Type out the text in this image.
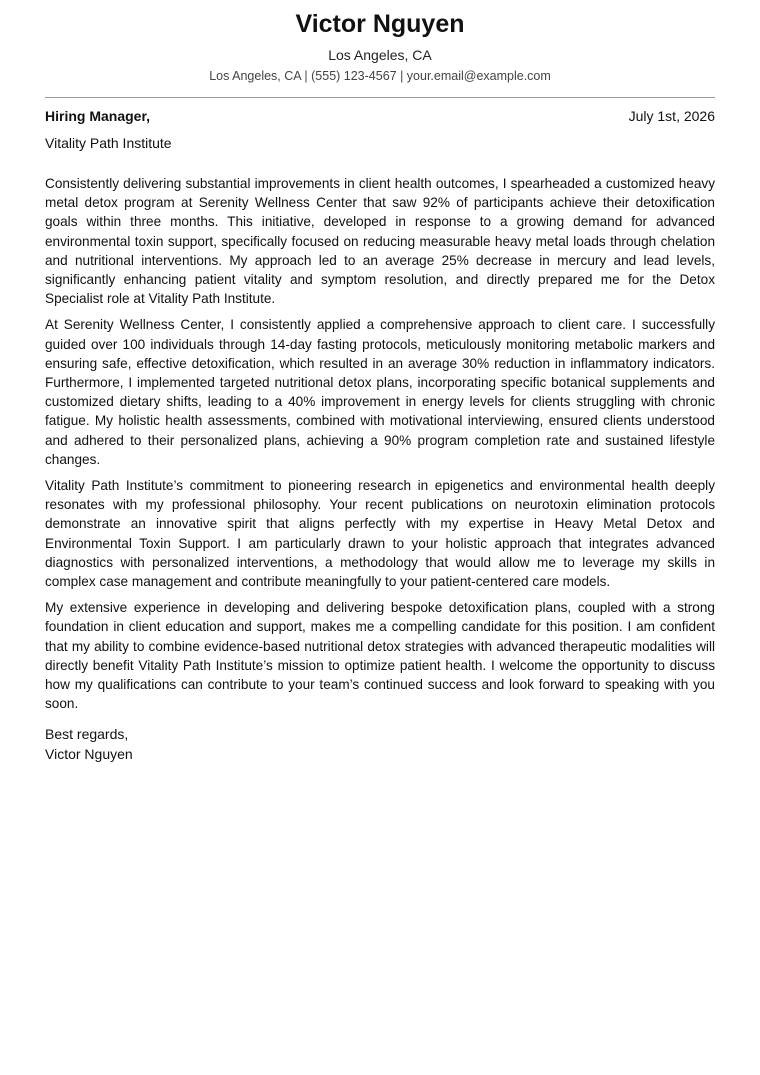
Victor Nguyen
Los Angeles, CA
Los Angeles, CA | (555) 123-4567 | your.email@example.com
Hiring Manager,	July 1st, 2026
Vitality Path Institute

Consistently delivering substantial improvements in client health outcomes, I spearheaded a customized heavy metal detox program at Serenity Wellness Center that saw 92% of participants achieve their detoxification goals within three months. This initiative, developed in response to a growing demand for advanced environmental toxin support, specifically focused on reducing measurable heavy metal loads through chelation and nutritional interventions. My approach led to an average 25% decrease in mercury and lead levels, significantly enhancing patient vitality and symptom resolution, and directly prepared me for the Detox Specialist role at Vitality Path Institute.

At Serenity Wellness Center, I consistently applied a comprehensive approach to client care. I successfully guided over 100 individuals through 14-day fasting protocols, meticulously monitoring metabolic markers and ensuring safe, effective detoxification, which resulted in an average 30% reduction in inflammatory indicators. Furthermore, I implemented targeted nutritional detox plans, incorporating specific botanical supplements and customized dietary shifts, leading to a 40% improvement in energy levels for clients struggling with chronic fatigue. My holistic health assessments, combined with motivational interviewing, ensured clients understood and adhered to their personalized plans, achieving a 90% program completion rate and sustained lifestyle changes.

Vitality Path Institute’s commitment to pioneering research in epigenetics and environmental health deeply resonates with my professional philosophy. Your recent publications on neurotoxin elimination protocols demonstrate an innovative spirit that aligns perfectly with my expertise in Heavy Metal Detox and Environmental Toxin Support. I am particularly drawn to your holistic approach that integrates advanced diagnostics with personalized interventions, a methodology that would allow me to leverage my skills in complex case management and contribute meaningfully to your patient-centered care models.

My extensive experience in developing and delivering bespoke detoxification plans, coupled with a strong foundation in client education and support, makes me a compelling candidate for this position. I am confident that my ability to combine evidence-based nutritional detox strategies with advanced therapeutic modalities will directly benefit Vitality Path Institute’s mission to optimize patient health. I welcome the opportunity to discuss how my qualifications can contribute to your team’s continued success and look forward to speaking with you soon.

Best regards,
Victor Nguyen
